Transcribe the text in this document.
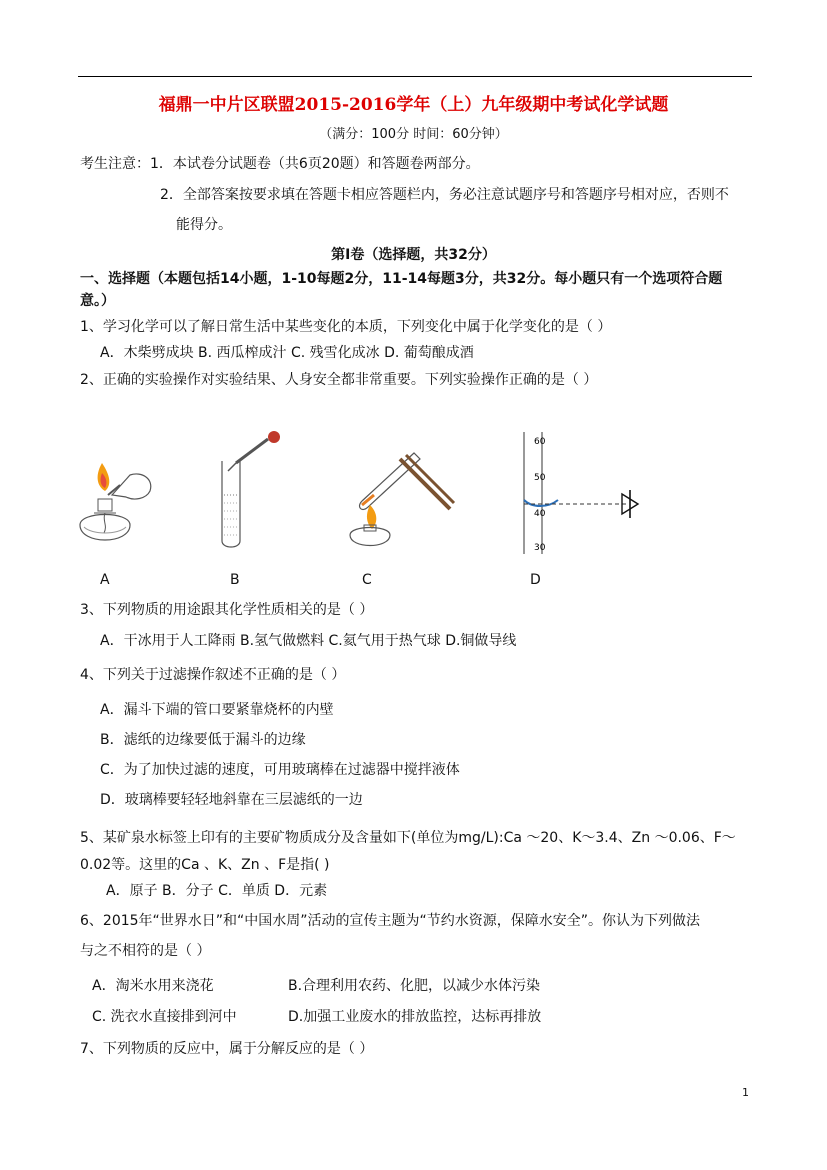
福鼎一中片区联盟2015-2016学年（上）九年级期中考试化学试题
（满分：100分 时间：60分钟）
考生注意：1．本试卷分试题卷（共6页20题）和答题卷两部分。
2．全部答案按要求填在答题卡相应答题栏内，务必注意试题序号和答题序号相对应，否则不
能得分。
第Ⅰ卷（选择题，共32分）
一、选择题（本题包括14小题，1-10每题2分，11-14每题3分，共32分。每小题只有一个选项符合题
意。）
1、学习化学可以了解日常生活中某些变化的本质，下列变化中属于化学变化的是（ ）
A．木柴劈成块 B. 西瓜榨成汁 C. 残雪化成冰 D. 葡萄酿成酒
2、正确的实验操作对实验结果、人身安全都非常重要。下列实验操作正确的是（ ）
A	B	C
60
50
40
30
D
3、下列物质的用途跟其化学性质相关的是（ ）
A．干冰用于人工降雨 B.氢气做燃料 C.氦气用于热气球 D.铜做导线
4、下列关于过滤操作叙述不正确的是（ ）
A．漏斗下端的管口要紧靠烧杯的内壁
B．滤纸的边缘要低于漏斗的边缘
C．为了加快过滤的速度，可用玻璃棒在过滤器中搅拌液体
D．玻璃棒要轻轻地斜靠在三层滤纸的一边
5、某矿泉水标签上印有的主要矿物质成分及含量如下(单位为mg/L):Ca ～20、K～3.4、Zn ～0.06、F～
0.02等。这里的Ca 、K、Zn 、F是指( )
A．原子 B．分子 C．单质 D．元素
6、2015年“世界水日”和“中国水周”活动的宣传主题为“节约水资源，保障水安全”。你认为下列做法
与之不相符的是（ ）
A．淘米水用来浇花	B.合理利用农药、化肥，以减少水体污染
C. 洗衣水直接排到河中	D.加强工业废水的排放监控，达标再排放
7、下列物质的反应中，属于分解反应的是（ ）
1
